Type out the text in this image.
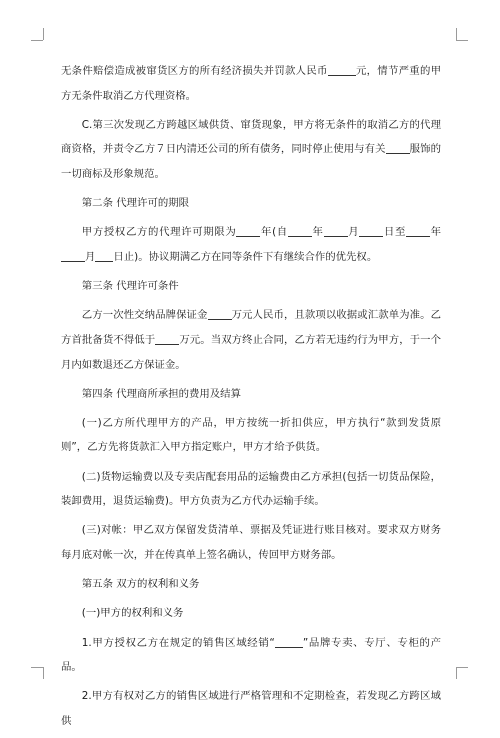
无条件赔偿造成被窜货区方的所有经济损失并罚款人民币	元，情节严重的甲方无条件取消乙方代理资格。

C.第三次发现乙方跨越区域供货、窜货现象，甲方将无条件的取消乙方的代理商资格，并责令乙方７日内清还公司的所有债务，同时停止使用与有关 服饰的一切商标及形象规范。

第二条 代理许可的期限

甲方授权乙方的代理许可期限为 年(自 年 月 日至 年月 日止)。协议期满乙方在同等条件下有继续合作的优先权。

第三条 代理许可条件

乙方一次性交纳品牌保证金 万元人民币，且款项以收据或汇款单为准。乙方首批备货不得低于 万元。当双方终止合同，乙方若无违约行为甲方，于一个月内如数退还乙方保证金。

第四条 代理商所承担的费用及结算

(一)乙方所代理甲方的产品，甲方按统一折扣供应，甲方执行“款到发货原则”，乙方先将货款汇入甲方指定账户，甲方才给予供货。

(二)货物运输费以及专卖店配套用品的运输费由乙方承担(包括一切货品保险，装卸费用，退货运输费)。甲方负责为乙方代办运输手续。

(三)对帐：甲乙双方保留发货清单、票据及凭证进行账目核对。要求双方财务每月底对帐一次，并在传真单上签名确认，传回甲方财务部。

第五条 双方的权利和义务

(一)甲方的权利和义务

1.甲方授权乙方在规定的销售区域经销“	”品牌专卖、专厅、专柜的产品。

2.甲方有权对乙方的销售区域进行严格管理和不定期检查，若发现乙方跨区域供
